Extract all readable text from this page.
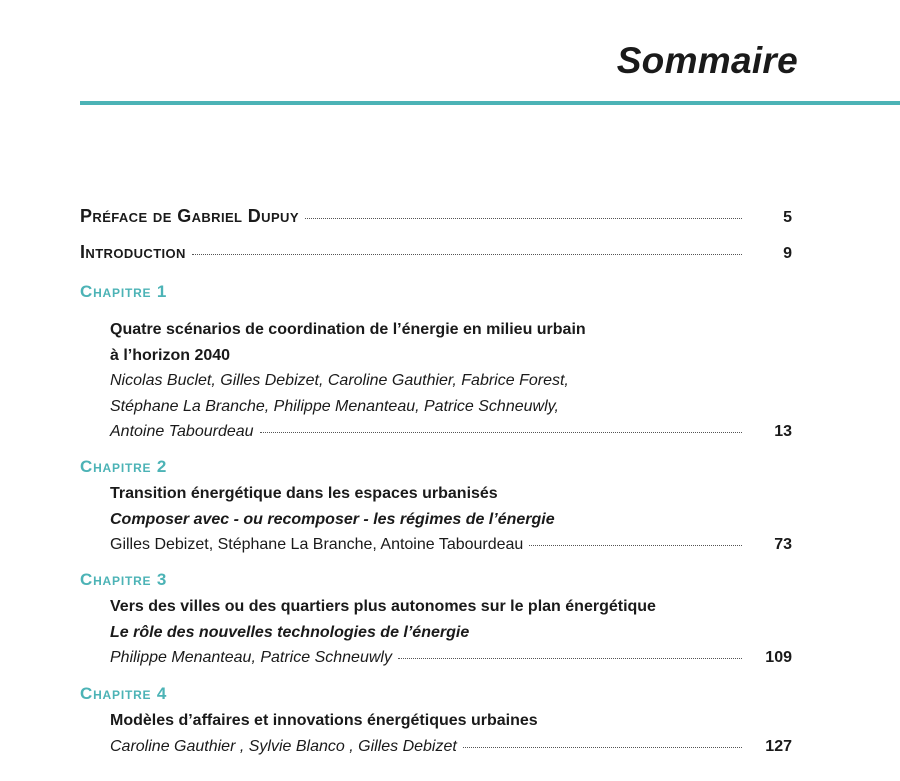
Sommaire
Préface de Gabriel Dupuy	5
Introduction	9
Chapitre 1
Quatre scénarios de coordination de l’énergie en milieu urbain
à l’horizon 2040
Nicolas Buclet, Gilles Debizet, Caroline Gauthier, Fabrice Forest,
Stéphane La Branche, Philippe Menanteau, Patrice Schneuwly,
Antoine Tabourdeau	13
Chapitre 2
Transition énergétique dans les espaces urbanisés
Composer avec - ou recomposer - les régimes de l’énergie
Gilles Debizet, Stéphane La Branche, Antoine Tabourdeau	73
Chapitre 3
Vers des villes ou des quartiers plus autonomes sur le plan énergétique
Le rôle des nouvelles technologies de l’énergie
Philippe Menanteau, Patrice Schneuwly	109
Chapitre 4
Modèles d’affaires et innovations énergétiques urbaines
Caroline Gauthier , Sylvie Blanco , Gilles Debizet	127
